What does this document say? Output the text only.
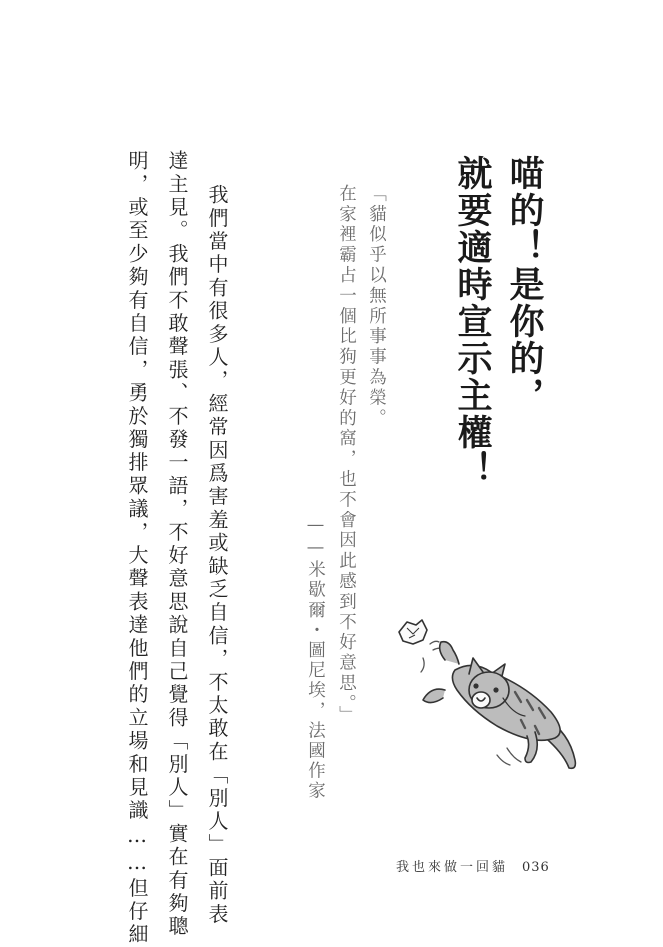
喵的！是你的，
就要適時宣示主權！
「貓似乎以無所事事為榮。
在家裡霸占一個比狗更好的窩，也不會因此感到不好意思。」
——米歇爾・圖尼埃，法國作家
我們當中有很多人，經常因爲害羞或缺乏自信，不太敢在「別人」面前表
達主見。我們不敢聲張、不發一語，不好意思說自己覺得「別人」實在有夠聰
明，或至少夠有自信，勇於獨排眾議，大聲表達他們的立場和見識……但仔細	我也來做一回貓 036
